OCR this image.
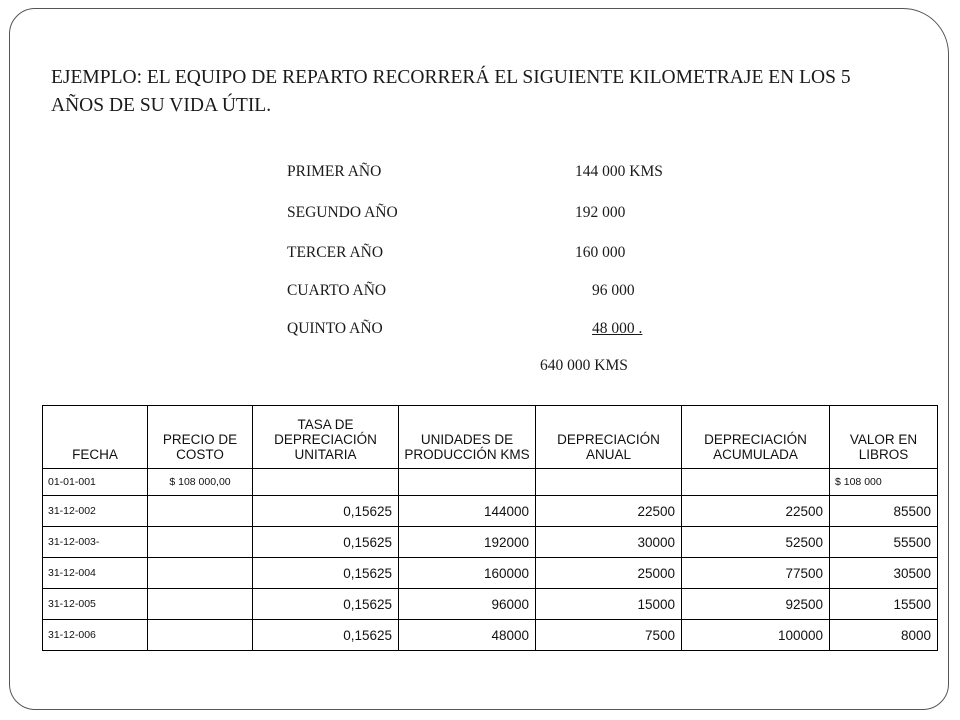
EJEMPLO: EL EQUIPO DE REPARTO RECORRERÁ EL SIGUIENTE KILOMETRAJE EN LOS 5 AÑOS DE SU VIDA ÚTIL.
PRIMER AÑO	144 000 KMS
SEGUNDO AÑO	192 000
TERCER AÑO	160 000
CUARTO AÑO	96 000
QUINTO AÑO	48 000 .
640 000 KMS
FECHA	PRECIO DE COSTO	TASA DE DEPRECIACIÓN UNITARIA	UNIDADES DE PRODUCCIÓN KMS	DEPRECIACIÓN ANUAL	DEPRECIACIÓN ACUMULADA	VALOR EN LIBROS
01-01-001	$ 108 000,00					$ 108 000
31-12-002		0,15625	144000	22500	22500	85500
31-12-003-		0,15625	192000	30000	52500	55500
31-12-004		0,15625	160000	25000	77500	30500
31-12-005		0,15625	96000	15000	92500	15500
31-12-006		0,15625	48000	7500	100000	8000
